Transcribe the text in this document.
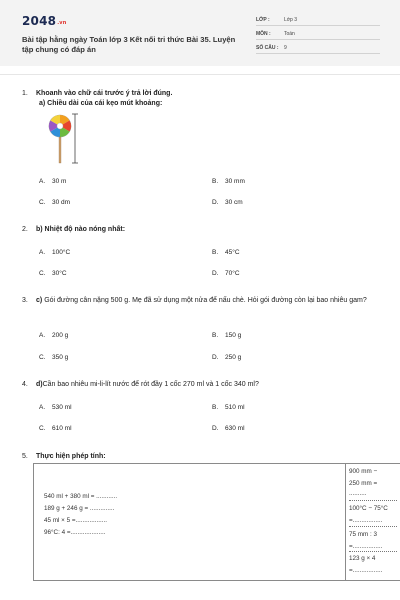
2048.vn
Bài tập hằng ngày Toán lớp 3 Kết nối tri thức Bài 35. Luyện tập chung có đáp án
LỚP :	Lớp 3
MÔN :	Toán
SỐ CÂU : 9
1. Khoanh vào chữ cái trước ý trả lời đúng.
a) Chiều dài của cái kẹo mút khoảng:
A. 30 m	B. 30 mm
C. 30 dm	D. 30 cm
2. b) Nhiệt độ nào nóng nhất:
A. 100°C	B. 45°C
C. 30°C	D. 70°C
3. c) Gói đường cân nặng 500 g. Mẹ đã sử dụng một nửa để nấu chè. Hỏi gói đường còn lại bao nhiêu gam?
A. 200 g	B. 150 g
C. 350 g	D. 250 g
4. d)Cần bao nhiêu mi-li-lít nước để rót đầy 1 cốc 270 ml và 1 cốc 340 ml?
A. 530 ml	B. 510 ml
C. 610 ml	D. 630 ml
5. Thực hiện phép tính:
540 ml + 380 ml = ............
189 g + 246 g = ..............
45 ml × 5 =..................
96°C: 4 =....................
900 mm −
250 mm =
..........
100°C − 75°C
=.................
75 mm : 3
=.................
123 g × 4
=.................
